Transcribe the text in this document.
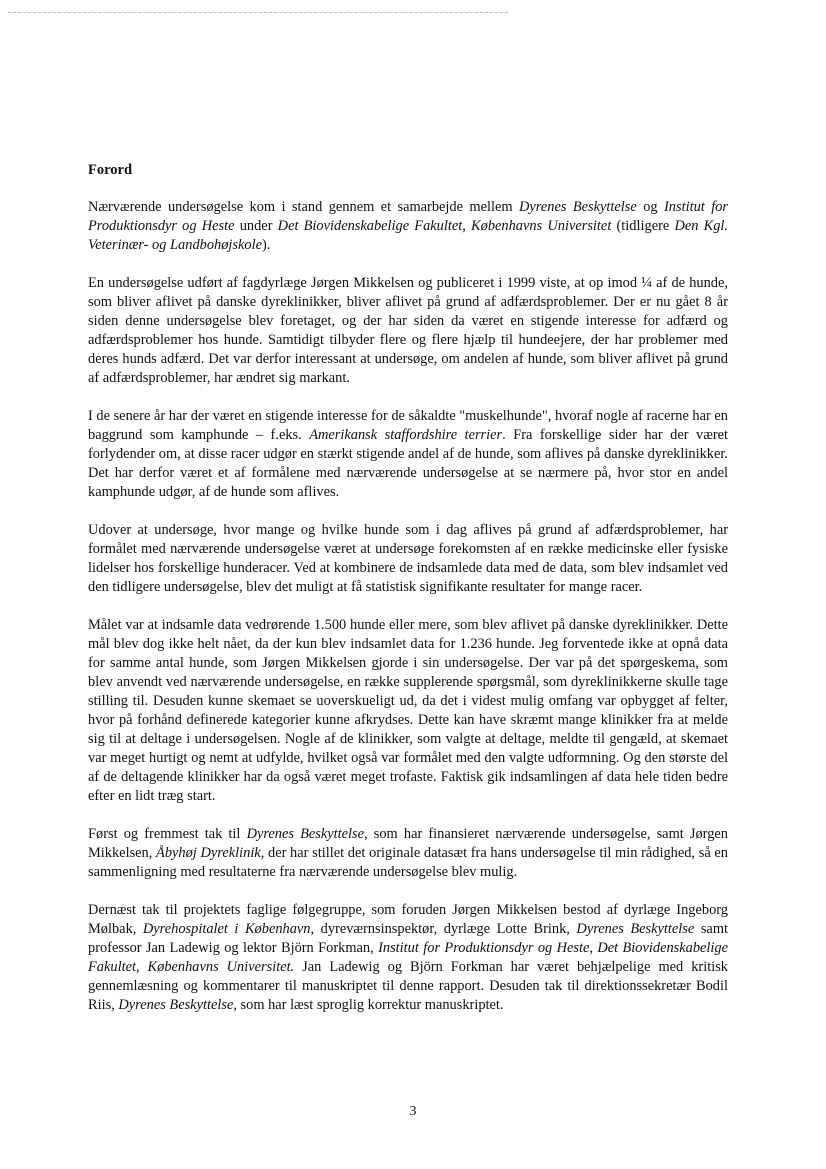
Forord

Nærværende undersøgelse kom i stand gennem et samarbejde mellem Dyrenes Beskyttelse og Institut for Produktionsdyr og Heste under Det Biovidenskabelige Fakultet, Københavns Universitet (tidligere Den Kgl. Veterinær- og Landbohøjskole).

En undersøgelse udført af fagdyrlæge Jørgen Mikkelsen og publiceret i 1999 viste, at op imod ¼ af de hunde, som bliver aflivet på danske dyreklinikker, bliver aflivet på grund af adfærdsproblemer. Der er nu gået 8 år siden denne undersøgelse blev foretaget, og der har siden da været en stigende interesse for adfærd og adfærdsproblemer hos hunde. Samtidigt tilbyder flere og flere hjælp til hundeejere, der har problemer med deres hunds adfærd. Det var derfor interessant at undersøge, om andelen af hunde, som bliver aflivet på grund af adfærdsproblemer, har ændret sig markant.

I de senere år har der været en stigende interesse for de såkaldte "muskelhunde", hvoraf nogle af racerne har en baggrund som kamphunde – f.eks. Amerikansk staffordshire terrier. Fra forskellige sider har der været forlydender om, at disse racer udgør en stærkt stigende andel af de hunde, som aflives på danske dyreklinikker. Det har derfor været et af formålene med nærværende undersøgelse at se nærmere på, hvor stor en andel kamphunde udgør, af de hunde som aflives.

Udover at undersøge, hvor mange og hvilke hunde som i dag aflives på grund af adfærdsproblemer, har formålet med nærværende undersøgelse været at undersøge forekomsten af en række medicinske eller fysiske lidelser hos forskellige hunderacer. Ved at kombinere de indsamlede data med de data, som blev indsamlet ved den tidligere undersøgelse, blev det muligt at få statistisk signifikante resultater for mange racer.

Målet var at indsamle data vedrørende 1.500 hunde eller mere, som blev aflivet på danske dyreklinikker. Dette mål blev dog ikke helt nået, da der kun blev indsamlet data for 1.236 hunde. Jeg forventede ikke at opnå data for samme antal hunde, som Jørgen Mikkelsen gjorde i sin undersøgelse. Der var på det spørgeskema, som blev anvendt ved nærværende undersøgelse, en række supplerende spørgsmål, som dyreklinikkerne skulle tage stilling til. Desuden kunne skemaet se uoverskueligt ud, da det i videst mulig omfang var opbygget af felter, hvor på forhånd definerede kategorier kunne afkrydses. Dette kan have skræmt mange klinikker fra at melde sig til at deltage i undersøgelsen. Nogle af de klinikker, som valgte at deltage, meldte til gengæld, at skemaet var meget hurtigt og nemt at udfylde, hvilket også var formålet med den valgte udformning. Og den største del af de deltagende klinikker har da også været meget trofaste. Faktisk gik indsamlingen af data hele tiden bedre efter en lidt træg start.

Først og fremmest tak til Dyrenes Beskyttelse, som har finansieret nærværende undersøgelse, samt Jørgen Mikkelsen, Åbyhøj Dyreklinik, der har stillet det originale datasæt fra hans undersøgelse til min rådighed, så en sammenligning med resultaterne fra nærværende undersøgelse blev mulig.

Dernæst tak til projektets faglige følgegruppe, som foruden Jørgen Mikkelsen bestod af dyrlæge Ingeborg Mølbak, Dyrehospitalet i København, dyreværnsinspektør, dyrlæge Lotte Brink, Dyrenes Beskyttelse samt professor Jan Ladewig og lektor Björn Forkman, Institut for Produktionsdyr og Heste, Det Biovidenskabelige Fakultet, Københavns Universitet. Jan Ladewig og Björn Forkman har været behjælpelige med kritisk gennemlæsning og kommentarer til manuskriptet til denne rapport. Desuden tak til direktionssekretær Bodil Riis, Dyrenes Beskyttelse, som har læst sproglig korrektur manuskriptet.

3
